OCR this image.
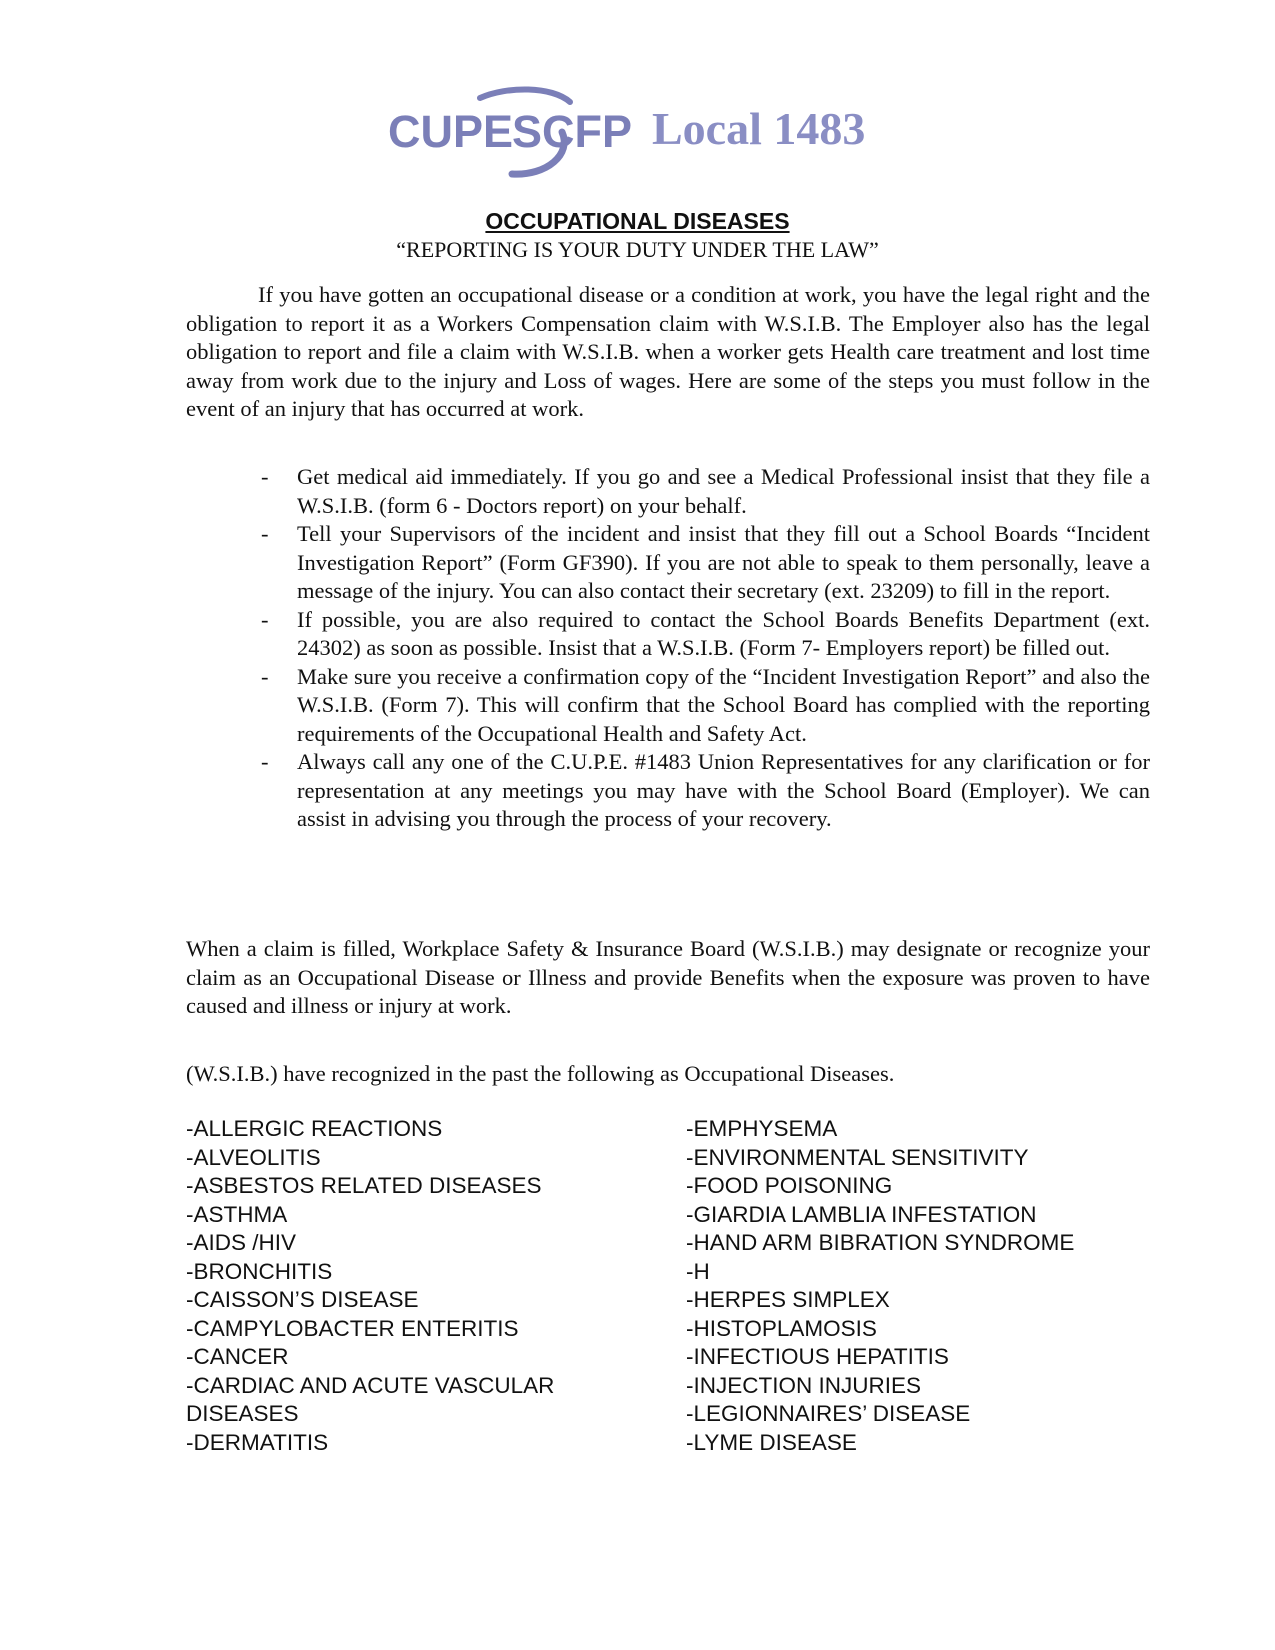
CUPE
SCFP Local 1483
OCCUPATIONAL DISEASES
“REPORTING IS YOUR DUTY UNDER THE LAW”

If you have gotten an occupational disease or a condition at work, you have the legal right and the obligation to report it as a Workers Compensation claim with W.S.I.B. The Employer also has the legal obligation to report and file a claim with W.S.I.B. when a worker gets Health care treatment and lost time away from work due to the injury and Loss of wages. Here are some of the steps you must follow in the event of an injury that has occurred at work.

- Get medical aid immediately. If you go and see a Medical Professional insist that they file a W.S.I.B. (form 6 - Doctors report) on your behalf.
- Tell your Supervisors of the incident and insist that they fill out a School Boards “Incident Investigation Report” (Form GF390). If you are not able to speak to them personally, leave a message of the injury. You can also contact their secretary (ext. 23209) to fill in the report.
- If possible, you are also required to contact the School Boards Benefits Department (ext. 24302) as soon as possible. Insist that a W.S.I.B. (Form 7- Employers report) be filled out.
- Make sure you receive a confirmation copy of the “Incident Investigation Report” and also the W.S.I.B. (Form 7). This will confirm that the School Board has complied with the reporting requirements of the Occupational Health and Safety Act.
- Always call any one of the C.U.P.E. #1483 Union Representatives for any clarification or for representation at any meetings you may have with the School Board (Employer). We can assist in advising you through the process of your recovery.

When a claim is filled, Workplace Safety & Insurance Board (W.S.I.B.) may designate or recognize your claim as an Occupational Disease or Illness and provide Benefits when the exposure was proven to have caused and illness or injury at work.

(W.S.I.B.) have recognized in the past the following as Occupational Diseases.

-ALLERGIC REACTIONS
-ALVEOLITIS
-ASBESTOS RELATED DISEASES
-ASTHMA
-AIDS /HIV
-BRONCHITIS
-CAISSON’S DISEASE
-CAMPYLOBACTER ENTERITIS
-CANCER
-CARDIAC AND ACUTE VASCULAR DISEASES
-DERMATITIS
-EMPHYSEMA
-ENVIRONMENTAL SENSITIVITY
-FOOD POISONING
-GIARDIA LAMBLIA INFESTATION
-HAND ARM BIBRATION SYNDROME
-H
-HERPES SIMPLEX
-HISTOPLAMOSIS
-INFECTIOUS HEPATITIS
-INJECTION INJURIES
-LEGIONNAIRES’ DISEASE
-LYME DISEASE
